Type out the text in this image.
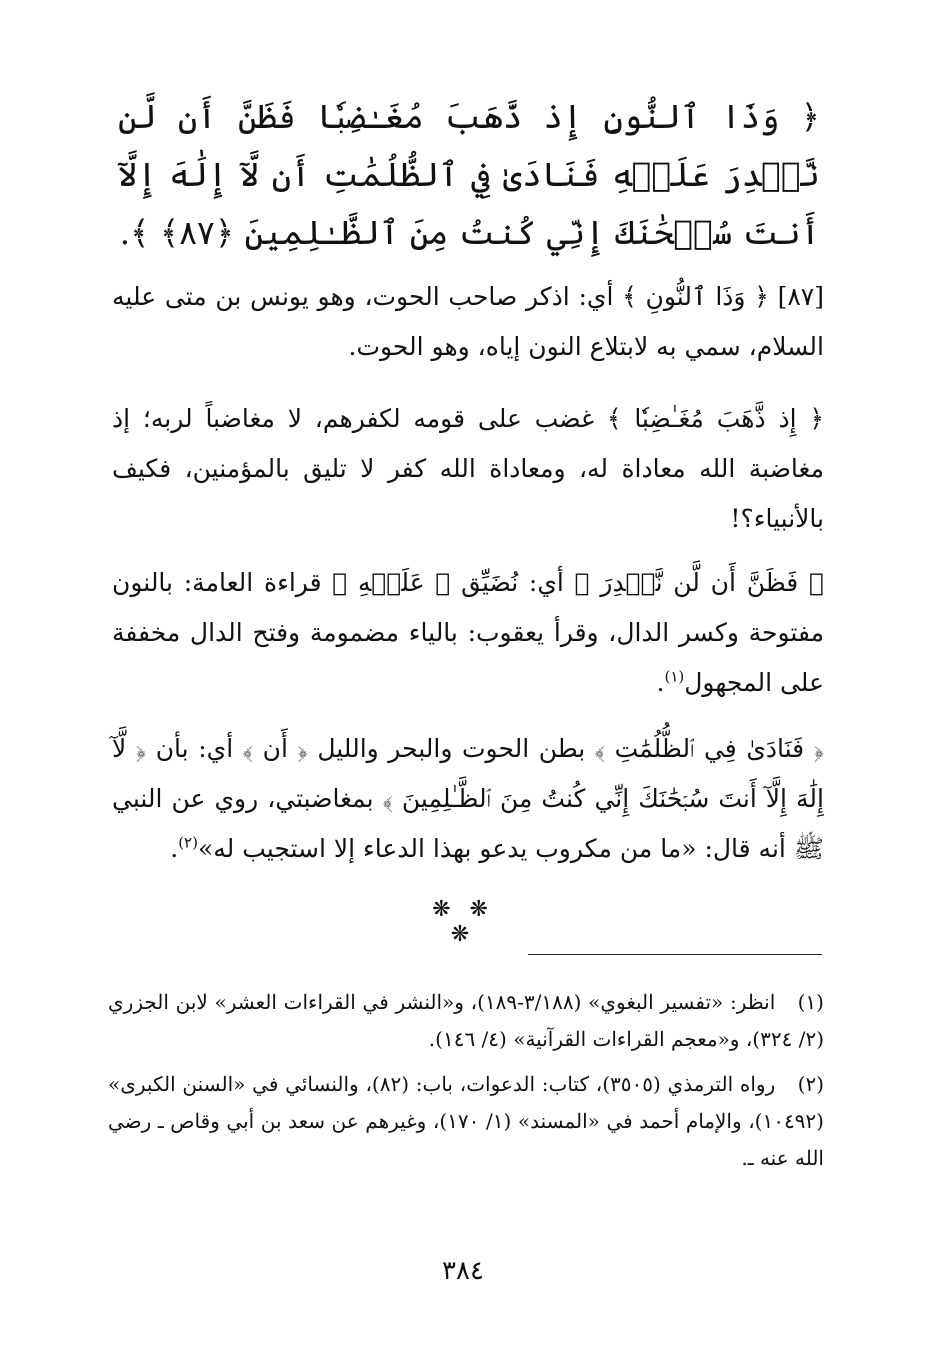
﴿ وَذَا ٱلنُّونِ إِذ ذَّهَبَ مُغَـٰضِبٗا فَظَنَّ أَن لَّن نَّقۡدِرَ عَلَيۡهِ فَنَادَىٰ فِي ٱلظُّلُمَٰتِ أَن لَّآ إِلَٰهَ إِلَّآ أَنتَ سُبۡحَٰنَكَ إِنِّي كُنتُ مِنَ ٱلظَّـٰلِمِينَ ﴿٨٧﴾ ﴾.

[٨٧] ﴿ وَذَا ٱلنُّونِ ﴾ أي: اذكر صاحب الحوت، وهو يونس بن متى عليه السلام، سمي به لابتلاع النون إياه، وهو الحوت.

﴿ إِذ ذَّهَبَ مُغَـٰضِبٗا ﴾ غضب على قومه لكفرهم، لا مغاضباً لربه؛ إذ مغاضبة الله معاداة له، ومعاداة الله كفر لا تليق بالمؤمنين، فكيف بالأنبياء؟!

﴿ فَظَنَّ أَن لَّن نَّقۡدِرَ ﴾ أي: نُضَيِّق ﴿ عَلَيۡهِ ﴾ قراءة العامة: بالنون مفتوحة وكسر الدال، وقرأ يعقوب: بالياء مضمومة وفتح الدال مخففة على المجهول$^{(١)}$.

﴿ فَنَادَىٰ فِي ٱلظُّلُمَٰتِ ﴾ بطن الحوت والبحر والليل ﴿ أَن ﴾ أي: بأن ﴿ لَّآ إِلَٰهَ إِلَّآ أَنتَ سُبۡحَٰنَكَ إِنِّي كُنتُ مِنَ ٱلظَّـٰلِمِينَ ﴾ بمغاضبتي، روي عن النبي ﷺ أنه قال: «ما من مكروب يدعو بهذا الدعاء إلا استجيب له»$^{(٢)}$.

❋ ❋ ❋

(١) انظر: «تفسير البغوي» (٣/١٨٨-١٨٩)، و«النشر في القراءات العشر» لابن الجزري (٢/ ٣٢٤)، و«معجم القراءات القرآنية» (٤/ ١٤٦).

(٢) رواه الترمذي (٣٥٠٥)، كتاب: الدعوات، باب: (٨٢)، والنسائي في «السنن الكبرى» (١٠٤٩٢)، والإمام أحمد في «المسند» (١/ ١٧٠)، وغيرهم عن سعد بن أبي وقاص ـ رضي الله عنه ـ.

٣٨٤
